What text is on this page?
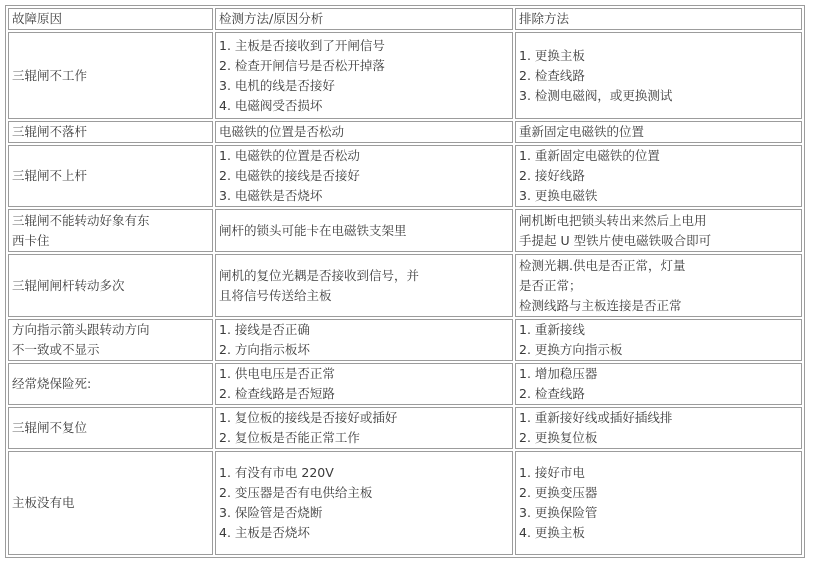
故障原因	检测方法/原因分析	排除方法

三辊闸不工作	1. 主板是否接收到了开闸信号
2. 检查开闸信号是否松开掉落
3. 电机的线是否接好
4. 电磁阀受否损坏	1. 更换主板
2. 检查线路
3. 检测电磁阀，或更换测试

三辊闸不落杆	电磁铁的位置是否松动	重新固定电磁铁的位置

三辊闸不上杆	1. 电磁铁的位置是否松动
2. 电磁铁的接线是否接好
3. 电磁铁是否烧坏	1. 重新固定电磁铁的位置
2. 接好线路
3. 更换电磁铁

三辊闸不能转动好象有东
西卡住	闸杆的锁头可能卡在电磁铁支架里	闸机断电把锁头转出来然后上电用
手提起 U 型铁片使电磁铁吸合即可

三辊闸闸杆转动多次	闸机的复位光耦是否接收到信号，并
且将信号传送给主板	检测光耦.供电是否正常，灯量
是否正常；
检测线路与主板连接是否正常

方向指示箭头跟转动方向
不一致或不显示	1. 接线是否正确
2. 方向指示板坏	1. 重新接线
2. 更换方向指示板

经常烧保险死:	1. 供电电压是否正常
2. 检查线路是否短路	1. 增加稳压器
2. 检查线路

三辊闸不复位	1. 复位板的接线是否接好或插好
2. 复位板是否能正常工作	1. 重新接好线或插好插线排
2. 更换复位板

主板没有电	1. 有没有市电 220V
2. 变压器是否有电供给主板
3. 保险管是否烧断
4. 主板是否烧坏	1. 接好市电
2. 更换变压器
3. 更换保险管
4. 更换主板
